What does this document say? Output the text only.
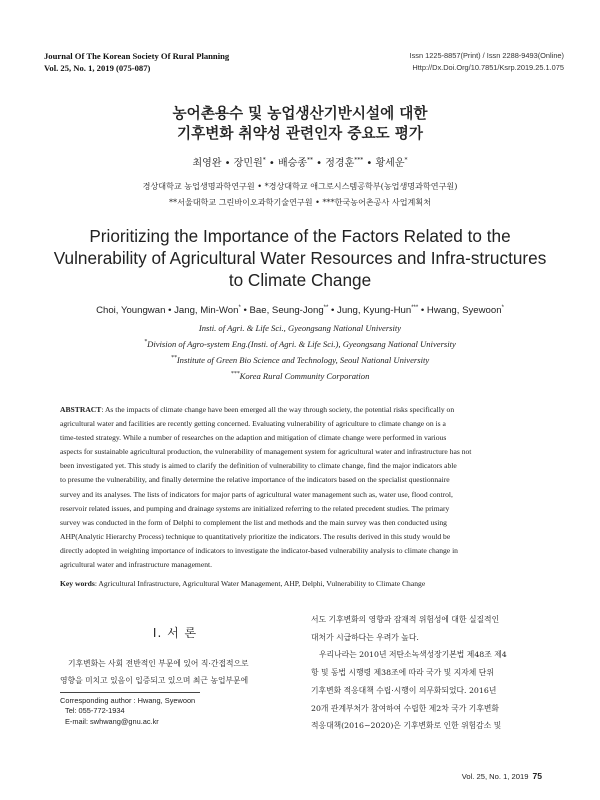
Journal Of The Korean Society Of Rural Planning
Vol. 25, No. 1, 2019 (075-087)
Issn 1225-8857(Print) / Issn 2288-9493(Online)
Http://Dx.Doi.Org/10.7851/Ksrp.2019.25.1.075
농어촌용수 및 농업생산기반시설에 대한
기후변화 취약성 관련인자 중요도 평가
최영완 • 장민원* • 배승종** • 정경훈*** • 황세운*
경상대학교 농업생명과학연구원 • *경상대학교 애그로시스템공학부(농업생명과학연구원)
**서울대학교 그린바이오과학기술연구원 • ***한국농어촌공사 사업계획처
Prioritizing the Importance of the Factors Related to the
Vulnerability of Agricultural Water Resources and Infra-structures
to Climate Change
Choi, Youngwan • Jang, Min-Won* • Bae, Seung-Jong** • Jung, Kyung-Hun*** • Hwang, Syewoon*
Insti. of Agri. & Life Sci., Gyeongsang National University
*Division of Agro-system Eng.(Insti. of Agri. & Life Sci.), Gyeongsang National University
**Institute of Green Bio Science and Technology, Seoul National University
***Korea Rural Community Corporation
ABSTRACT: As the impacts of climate change have been emerged all the way through society, the potential risks specifically on
agricultural water and facilities are recently getting concerned. Evaluating vulnerability of agriculture to climate change on is a
time-tested strategy. While a number of researches on the adaption and mitigation of climate change were performed in various
aspects for sustainable agricultural production, the vulnerability of management system for agricultural water and infrastructure has not
been investigated yet. This study is aimed to clarify the definition of vulnerability to climate change, find the major indicators able
to presume the vulnerability, and finally determine the relative importance of the indicators based on the specialist questionnaire
survey and its analyses. The lists of indicators for major parts of agricultural water management such as, water use, flood control,
reservoir related issues, and pumping and drainage systems are initialized referring to the related precedent studies. The primary
survey was conducted in the form of Delphi to complement the list and methods and the main survey was then conducted using
AHP(Analytic Hierarchy Process) technique to quantitatively prioritize the indicators. The results derived in this study would be
directly adopted in weighting importance of indicators to investigate the indicator-based vulnerability analysis to climate change in
agricultural water and infrastructure management.
Key words: Agricultural Infrastructure, Agricultural Water Management, AHP, Delphi, Vulnerability to Climate Change
I. 서 론
기후변화는 사회 전반적인 부문에 있어 직·간접적으로
영향을 미치고 있음이 입증되고 있으며 최근 농업부문에
Corresponding author : Hwang, Syewoon
Tel: 055-772-1934
E-mail: swhwang@gnu.ac.kr
서도 기후변화의 영향과 잠재적 위험성에 대한 실질적인
대처가 시급하다는 우려가 높다.
우리나라는 2010년 저탄소녹색성장기본법 제48조 제4
항 및 동법 시행령 제38조에 따라 국가 및 지자체 단위
기후변화 적응대책 수립·시행이 의무화되었다. 2016년
20개 관계부처가 참여하여 수립한 제2차 국가 기후변화
적응대책(2016∼2020)은 기후변화로 인한 위험감소 및
Vol. 25, No. 1, 2019 75
